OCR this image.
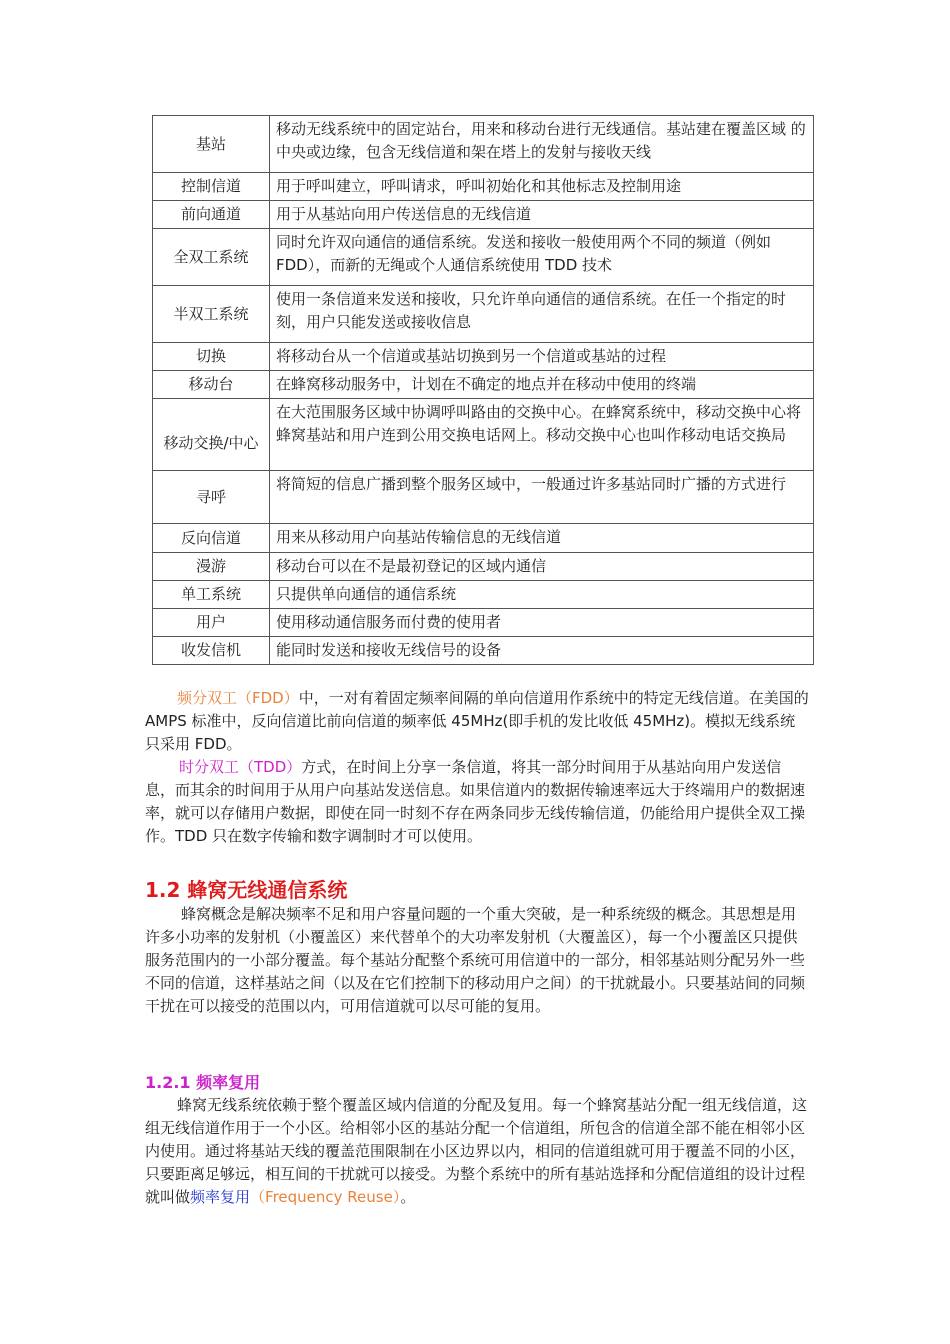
基站	移动无线系统中的固定站台，用来和移动台进行无线通信。基站建在覆盖区域 的中央或边缘，包含无线信道和架在塔上的发射与接收天线
控制信道	用于呼叫建立，呼叫请求，呼叫初始化和其他标志及控制用途
前向通道	用于从基站向用户传送信息的无线信道
全双工系统	同时允许双向通信的通信系统。发送和接收一般使用两个不同的频道（例如 FDD），而新的无绳或个人通信系统使用 TDD 技术
半双工系统	使用一条信道来发送和接收，只允许单向通信的通信系统。在任一个指定的时刻，用户只能发送或接收信息
切换	将移动台从一个信道或基站切换到另一个信道或基站的过程
移动台	在蜂窝移动服务中，计划在不确定的地点并在移动中使用的终端
移动交换/中心	在大范围服务区域中协调呼叫路由的交换中心。在蜂窝系统中，移动交换中心将蜂窝基站和用户连到公用交换电话网上。移动交换中心也叫作移动电话交换局
寻呼	将简短的信息广播到整个服务区域中，一般通过许多基站同时广播的方式进行
反向信道	用来从移动用户向基站传输信息的无线信道
漫游	移动台可以在不是最初登记的区域内通信
单工系统	只提供单向通信的通信系统
用户	使用移动通信服务而付费的使用者
收发信机	能同时发送和接收无线信号的设备

频分双工（FDD）中，一对有着固定频率间隔的单向信道用作系统中的特定无线信道。在美国的 AMPS 标准中，反向信道比前向信道的频率低 45MHz(即手机的发比收低 45MHz)。模拟无线系统只采用 FDD。

时分双工（TDD）方式，在时间上分享一条信道，将其一部分时间用于从基站向用户发送信息，而其余的时间用于从用户向基站发送信息。如果信道内的数据传输速率远大于终端用户的数据速率，就可以存储用户数据，即使在同一时刻不存在两条同步无线传输信道，仍能给用户提供全双工操作。TDD 只在数字传输和数字调制时才可以使用。

1.2 蜂窝无线通信系统

蜂窝概念是解决频率不足和用户容量问题的一个重大突破，是一种系统级的概念。其思想是用许多小功率的发射机（小覆盖区）来代替单个的大功率发射机（大覆盖区），每一个小覆盖区只提供服务范围内的一小部分覆盖。每个基站分配整个系统可用信道中的一部分，相邻基站则分配另外一些不同的信道，这样基站之间（以及在它们控制下的移动用户之间）的干扰就最小。只要基站间的同频干扰在可以接受的范围以内，可用信道就可以尽可能的复用。

1.2.1 频率复用

蜂窝无线系统依赖于整个覆盖区域内信道的分配及复用。每一个蜂窝基站分配一组无线信道，这组无线信道作用于一个小区。给相邻小区的基站分配一个信道组，所包含的信道全部不能在相邻小区内使用。通过将基站天线的覆盖范围限制在小区边界以内，相同的信道组就可用于覆盖不同的小区，只要距离足够远，相互间的干扰就可以接受。为整个系统中的所有基站选择和分配信道组的设计过程就叫做频率复用（Frequency Reuse）。
